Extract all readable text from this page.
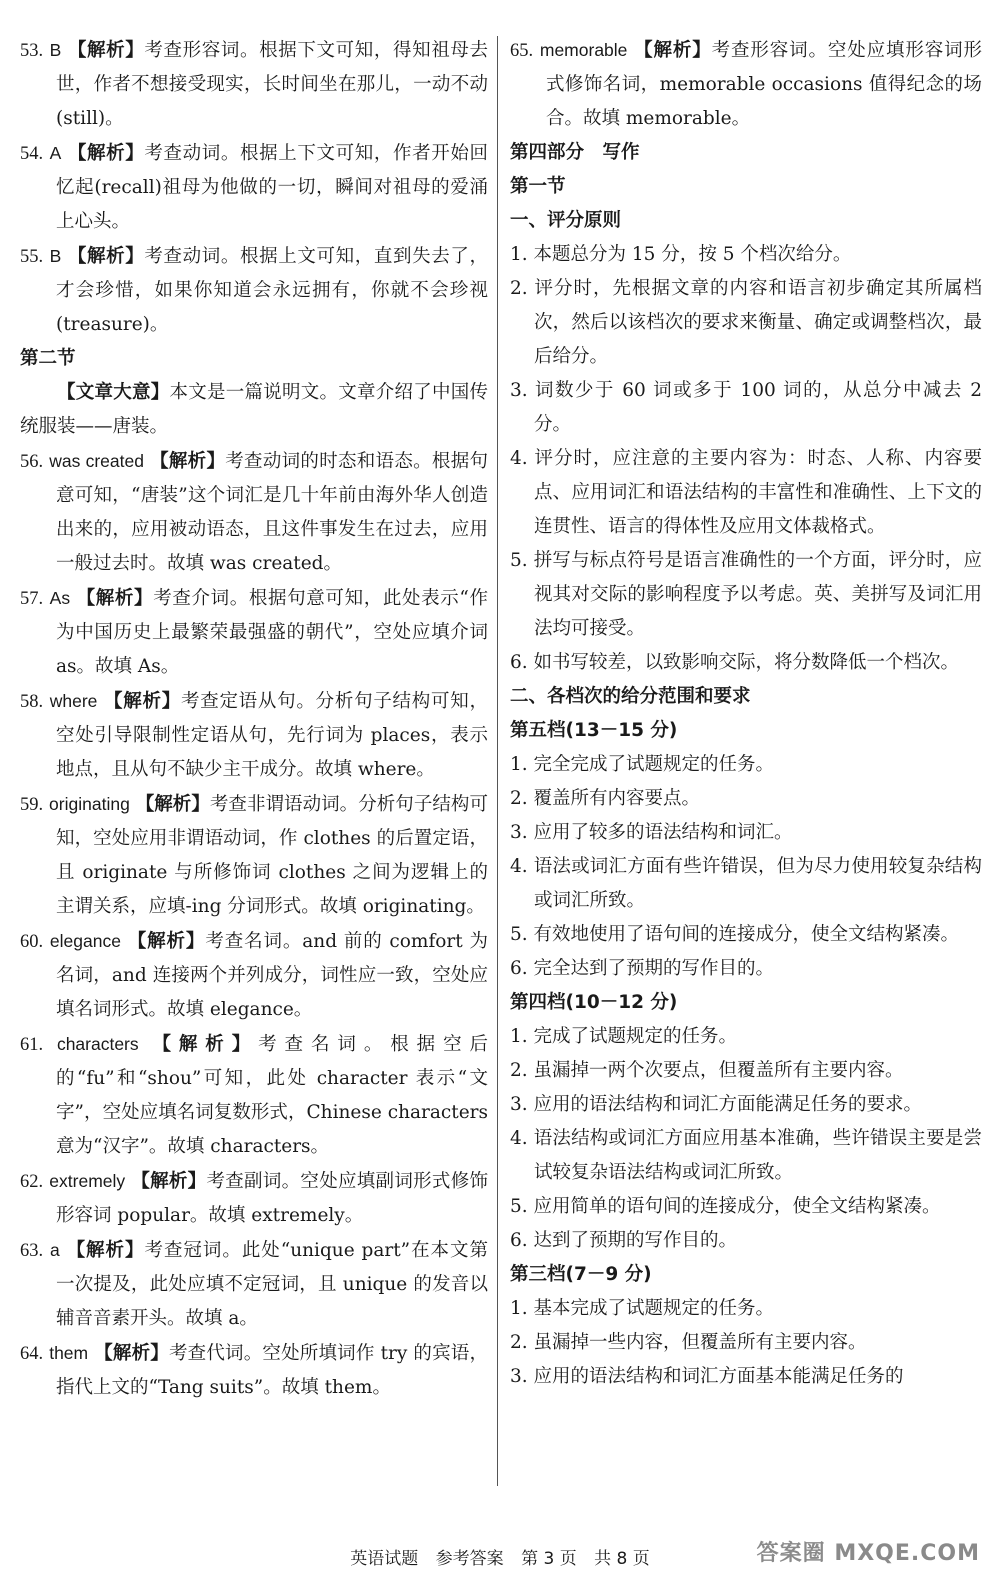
53. B 【解析】考查形容词。根据下文可知，得知祖母去世，作者不想接受现实，长时间坐在那儿，一动不动(still)。

54. A 【解析】考查动词。根据上下文可知，作者开始回忆起(recall)祖母为他做的一切，瞬间对祖母的爱涌上心头。

55. B 【解析】考查动词。根据上文可知，直到失去了，才会珍惜，如果你知道会永远拥有，你就不会珍视(treasure)。

第二节

【文章大意】本文是一篇说明文。文章介绍了中国传统服装——唐装。

56. was created 【解析】考查动词的时态和语态。根据句意可知，“唐装”这个词汇是几十年前由海外华人创造出来的，应用被动语态，且这件事发生在过去，应用一般过去时。故填 was created。

57. As 【解析】考查介词。根据句意可知，此处表示“作为中国历史上最繁荣最强盛的朝代”，空处应填介词 as。故填 As。

58. where 【解析】考查定语从句。分析句子结构可知，空处引导限制性定语从句，先行词为 places，表示地点，且从句不缺少主干成分。故填 where。

59. originating 【解析】考查非谓语动词。分析句子结构可知，空处应用非谓语动词，作 clothes 的后置定语，且 originate 与所修饰词 clothes 之间为逻辑上的主谓关系，应填-ing 分词形式。故填 originating。

60. elegance 【解析】考查名词。and 前的 comfort 为名词，and 连接两个并列成分，词性应一致，空处应填名词形式。故填 elegance。

61. characters 【解析】考查名词。根据空后的“fu”和“shou”可知，此处 character 表示“文字”，空处应填名词复数形式，Chinese characters 意为“汉字”。故填 characters。

62. extremely 【解析】考查副词。空处应填副词形式修饰形容词 popular。故填 extremely。

63. a 【解析】考查冠词。此处“unique part”在本文第一次提及，此处应填不定冠词，且 unique 的发音以辅音音素开头。故填 a。

64. them 【解析】考查代词。空处所填词作 try 的宾语，指代上文的“Tang suits”。故填 them。

65. memorable 【解析】考查形容词。空处应填形容词形式修饰名词，memorable occasions 值得纪念的场合。故填 memorable。

第四部分　写作

第一节

一、评分原则

1. 本题总分为 15 分，按 5 个档次给分。

2. 评分时，先根据文章的内容和语言初步确定其所属档次，然后以该档次的要求来衡量、确定或调整档次，最后给分。

3. 词数少于 60 词或多于 100 词的，从总分中减去 2 分。

4. 评分时，应注意的主要内容为：时态、人称、内容要点、应用词汇和语法结构的丰富性和准确性、上下文的连贯性、语言的得体性及应用文体裁格式。

5. 拼写与标点符号是语言准确性的一个方面，评分时，应视其对交际的影响程度予以考虑。英、美拼写及词汇用法均可接受。

6. 如书写较差，以致影响交际，将分数降低一个档次。

二、各档次的给分范围和要求

第五档(13－15 分)

1. 完全完成了试题规定的任务。

2. 覆盖所有内容要点。

3. 应用了较多的语法结构和词汇。

4. 语法或词汇方面有些许错误，但为尽力使用较复杂结构或词汇所致。

5. 有效地使用了语句间的连接成分，使全文结构紧凑。

6. 完全达到了预期的写作目的。

第四档(10－12 分)

1. 完成了试题规定的任务。

2. 虽漏掉一两个次要点，但覆盖所有主要内容。

3. 应用的语法结构和词汇方面能满足任务的要求。

4. 语法结构或词汇方面应用基本准确，些许错误主要是尝试较复杂语法结构或词汇所致。

5. 应用简单的语句间的连接成分，使全文结构紧凑。

6. 达到了预期的写作目的。

第三档(7－9 分)

1. 基本完成了试题规定的任务。

2. 虽漏掉一些内容，但覆盖所有主要内容。

3. 应用的语法结构和词汇方面基本能满足任务的

英语试题 参考答案 第 3 页 共 8 页	答案圈 MXQE.COM
